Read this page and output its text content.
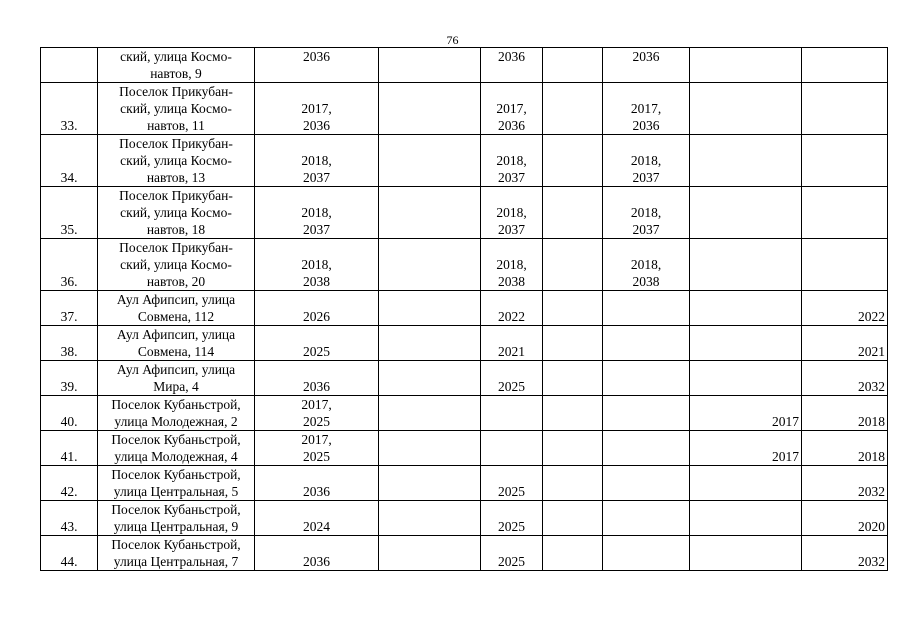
76

	ский, улица Космо-
навтов, 9	2036		2036		2036		

33.	Поселок Прикубан-
ский, улица Космо-
навтов, 11	2017,
2036		2017,
2036		2017,
2036		

34.	Поселок Прикубан-
ский, улица Космо-
навтов, 13	2018,
2037		2018,
2037		2018,
2037		

35.	Поселок Прикубан-
ский, улица Космо-
навтов, 18	2018,
2037		2018,
2037		2018,
2037		

36.	Поселок Прикубан-
ский, улица Космо-
навтов, 20	2018,
2038		2018,
2038		2018,
2038		

37.	Аул Афипсип, улица
Совмена, 112	2026		2022				2022

38.	Аул Афипсип, улица
Совмена, 114	2025		2021				2021

39.	Аул Афипсип, улица
Мира, 4	2036		2025				2032

40.	Поселок Кубаньстрой,
улица Молодежная, 2	2017,
2025					2017	2018

41.	Поселок Кубаньстрой,
улица Молодежная, 4	2017,
2025					2017	2018

42.	Поселок Кубаньстрой,
улица Центральная, 5	2036		2025				2032

43.	Поселок Кубаньстрой,
улица Центральная, 9	2024		2025				2020

44.	Поселок Кубаньстрой,
улица Центральная, 7	2036		2025				2032
